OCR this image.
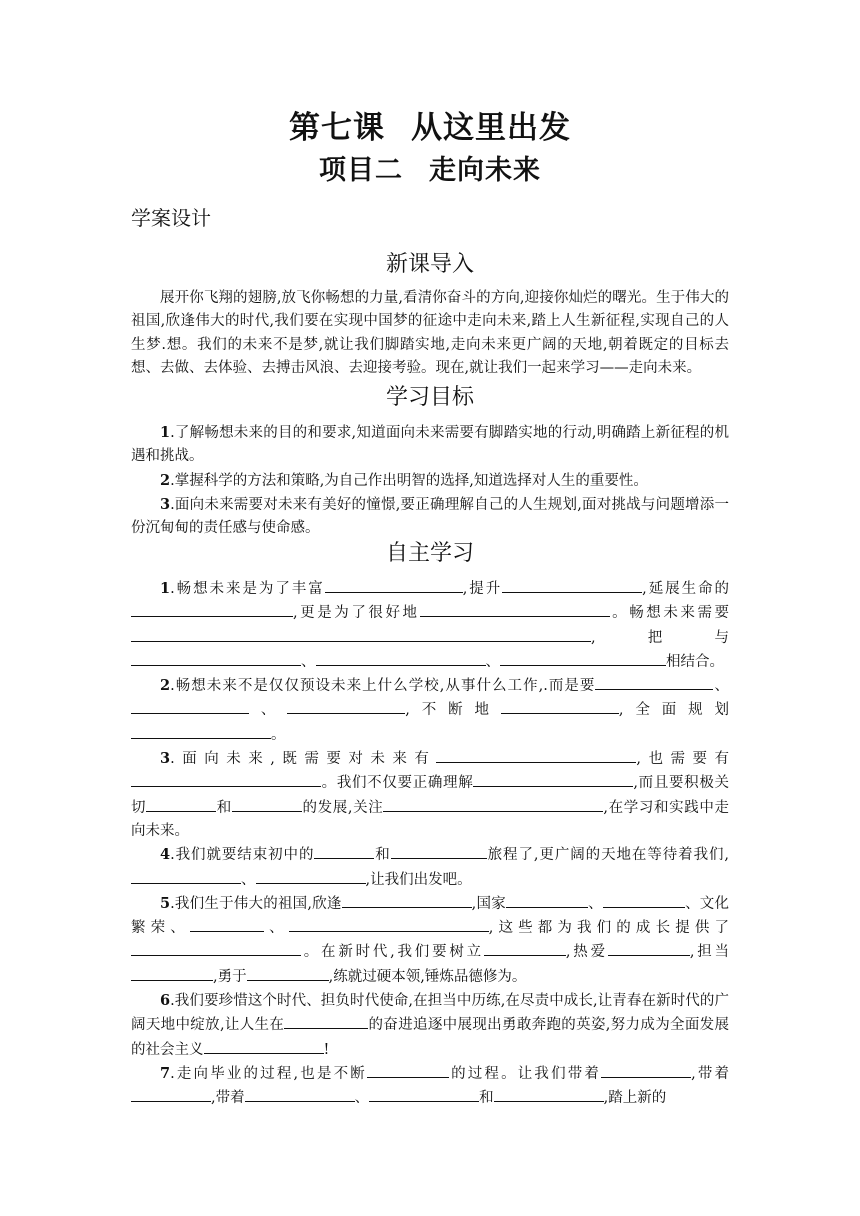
第七课 从这里出发
项目二 走向未来
学案设计
新课导入

展开你飞翔的翅膀,放飞你畅想的力量,看清你奋斗的方向,迎接你灿烂的曙光。生于伟大的祖国,欣逢伟大的时代,我们要在实现中国梦的征途中走向未来,踏上人生新征程,实现自己的人生梦.想。我们的未来不是梦,就让我们脚踏实地,走向未来更广阔的天地,朝着既定的目标去想、去做、去体验、去搏击风浪、去迎接考验。现在,就让我们一起来学习——走向未来。

学习目标

1.了解畅想未来的目的和要求,知道面向未来需要有脚踏实地的行动,明确踏上新征程的机遇和挑战。

2.掌握科学的方法和策略,为自己作出明智的选择,知道选择对人生的重要性。

3.面向未来需要对未来有美好的憧憬,要正确理解自己的人生规划,面对挑战与问题增添一份沉甸甸的责任感与使命感。

自主学习

1.畅想未来是为了丰富	,提升	,延展生命的,更是为了很好地	。畅想未来需要,把与、	、	相结合。

2.畅想未来不是仅仅预设未来上什么学校,从事什么工作,.而是要	、、	,不断地	,全面规划。

3.面向未来,既需要对未来有	,也需要有。我们不仅要正确理解	,而且要积极关切	和	的发展,关注	,在学习和实践中走向未来。

4.我们就要结束初中的	和	旅程了,更广阔的天地在等待着我们,、	,让我们出发吧。

5.我们生于伟大的祖国,欣逢	,国家	、	、文化繁荣、	、	,这些都为我们的成长提供了。在新时代,我们要树立	,热爱	,担当,勇于	,练就过硬本领,锤炼品德修为。

6.我们要珍惜这个时代、担负时代使命,在担当中历练,在尽责中成长,让青春在新时代的广阔天地中绽放,让人生在	的奋进追逐中展现出勇敢奔跑的英姿,努力成为全面发展的社会主义	!

7.走向毕业的过程,也是不断	的过程。让我们带着	,带着,带着	、	和	,踏上新的
